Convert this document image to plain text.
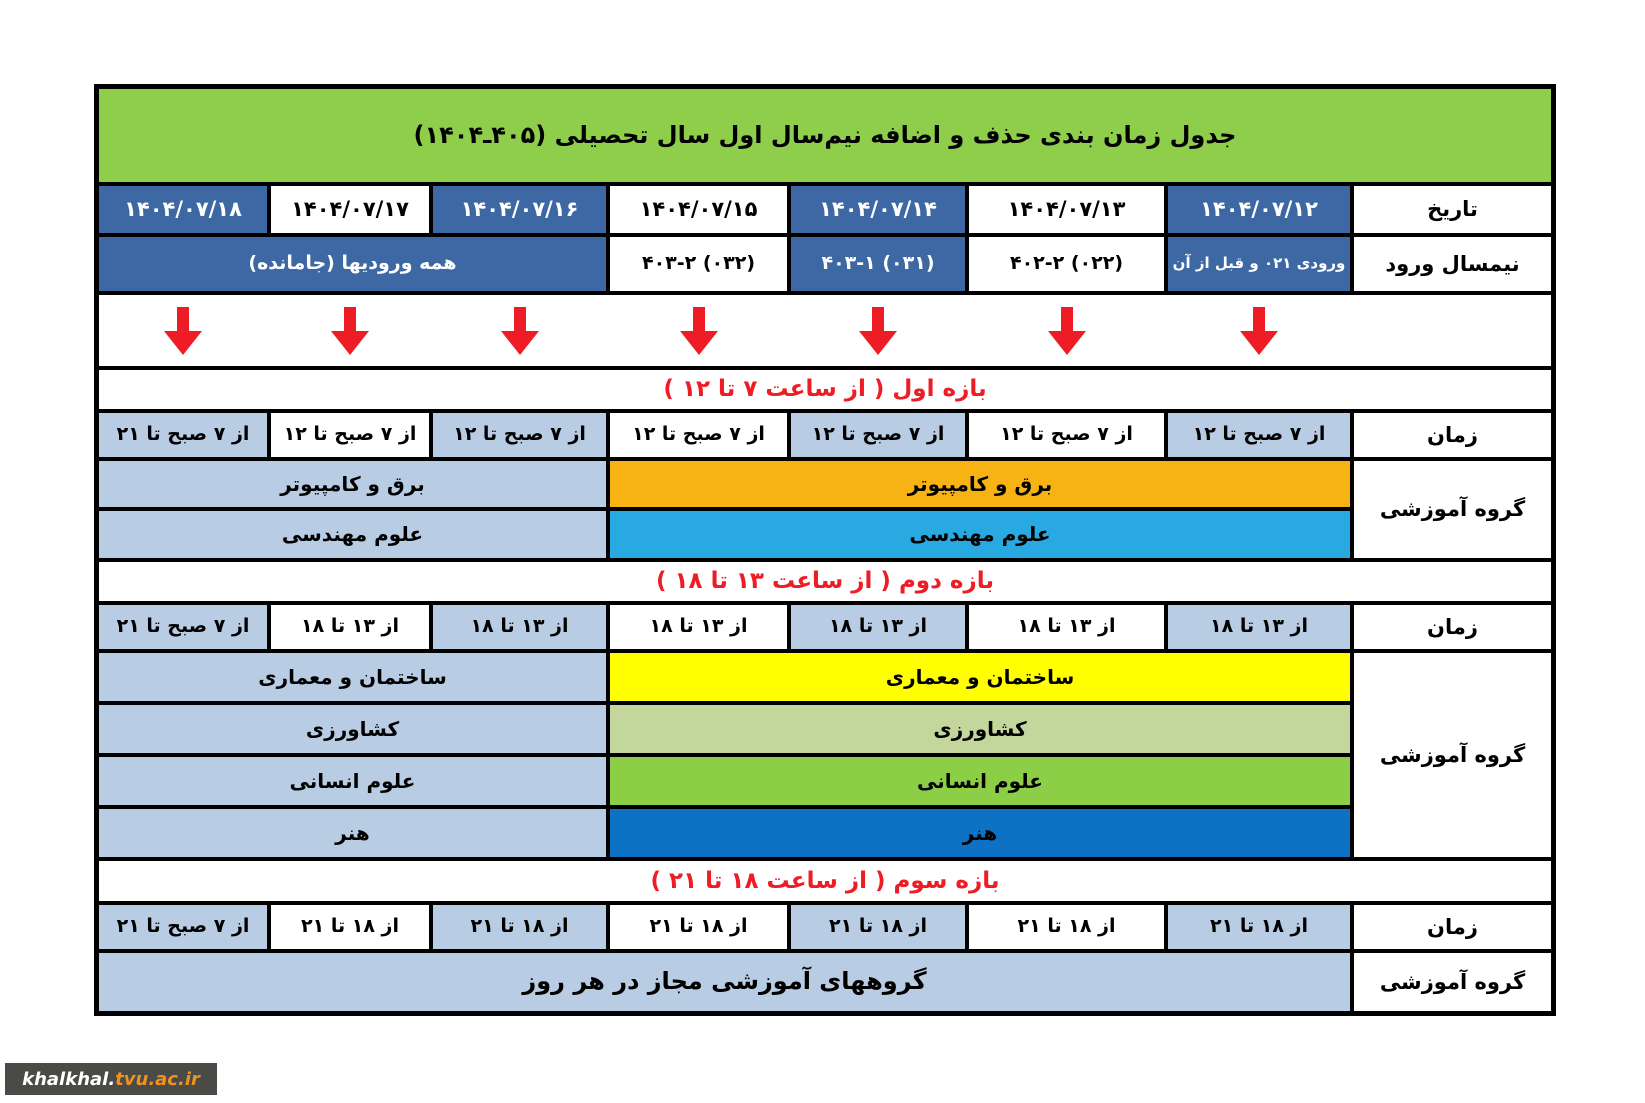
جدول زمان بندی حذف و اضافه نیم‌سال اول سال تحصیلی (۴۰۵ـ۱۴۰۴)
تاریخ
۱۴۰۴/۰۷/۱۲
۱۴۰۴/۰۷/۱۳
۱۴۰۴/۰۷/۱۴
۱۴۰۴/۰۷/۱۵
۱۴۰۴/۰۷/۱۶
۱۴۰۴/۰۷/۱۷
۱۴۰۴/۰۷/۱۸
نیمسال ورود
ورودی ۰۲۱ و قبل از آن
۴۰۲-۲ (۰۲۲)
۴۰۳-۱ (۰۳۱)
۴۰۳-۲ (۰۳۲)
همه ورودیها (جامانده)
بازه اول ( از ساعت ۷ تا ۱۲ )
زمان
از ۷ صبح تا ۱۲
از ۷ صبح تا ۱۲
از ۷ صبح تا ۱۲
از ۷ صبح تا ۱۲
از ۷ صبح تا ۱۲
از ۷ صبح تا ۱۲
از ۷ صبح تا ۲۱
گروه آموزشی
برق و کامپیوتر
برق و کامپیوتر
علوم مهندسی
علوم مهندسی
بازه دوم ( از ساعت ۱۳ تا ۱۸ )
زمان
از ۱۳ تا ۱۸
از ۱۳ تا ۱۸
از ۱۳ تا ۱۸
از ۱۳ تا ۱۸
از ۱۳ تا ۱۸
از ۱۳ تا ۱۸
از ۷ صبح تا ۲۱
گروه آموزشی
ساختمان و معماری
ساختمان و معماری
کشاورزی
کشاورزی
علوم انسانی
علوم انسانی
هنر
هنر
بازه سوم ( از ساعت ۱۸ تا ۲۱ )
زمان
از ۱۸ تا ۲۱
از ۱۸ تا ۲۱
از ۱۸ تا ۲۱
از ۱۸ تا ۲۱
از ۱۸ تا ۲۱
از ۱۸ تا ۲۱
از ۷ صبح تا ۲۱
گروه آموزشی
گروههای آموزشی مجاز در هر روز
khalkhal. tvu.ac.ir
